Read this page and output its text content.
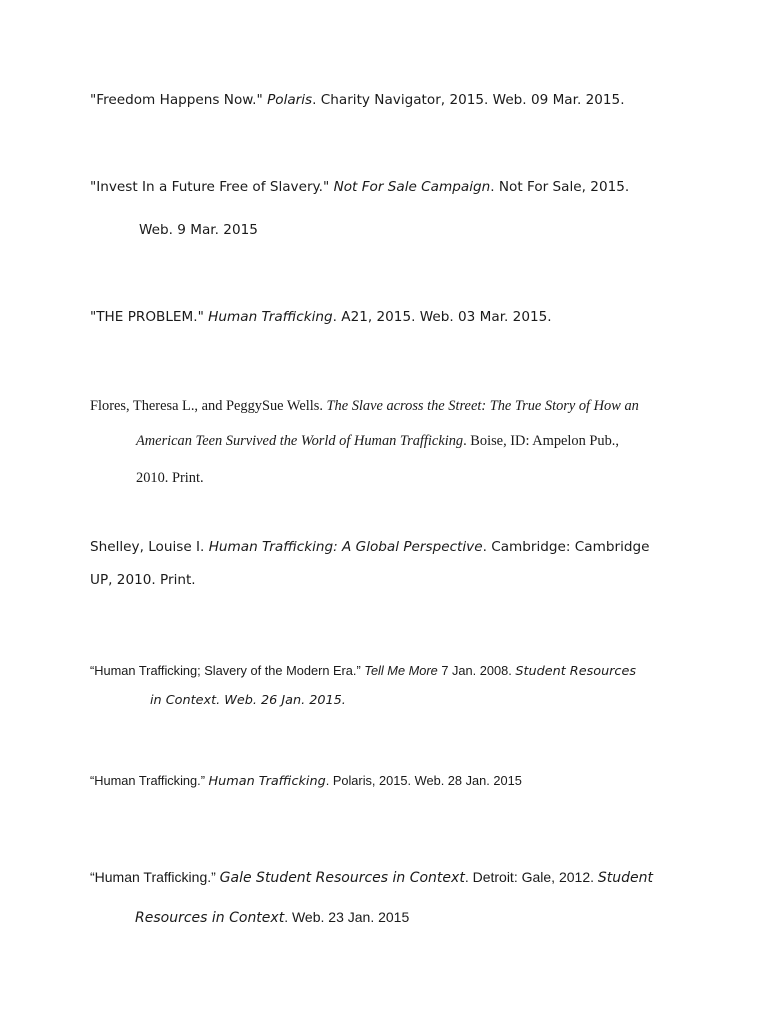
"Freedom Happens Now." Polaris. Charity Navigator, 2015. Web. 09 Mar. 2015.

"Invest In a Future Free of Slavery." Not For Sale Campaign. Not For Sale, 2015.

Web. 9 Mar. 2015

"THE PROBLEM." Human Trafficking. A21, 2015. Web. 03 Mar. 2015.

Flores, Theresa L., and PeggySue Wells. The Slave across the Street: The True Story of How an

American Teen Survived the World of Human Trafficking. Boise, ID: Ampelon Pub.,

2010. Print.

Shelley, Louise I. Human Trafficking: A Global Perspective. Cambridge: Cambridge

UP, 2010. Print.

“Human Trafficking; Slavery of the Modern Era.” Tell Me More 7 Jan. 2008. Student Resources

in Context. Web. 26 Jan. 2015.

“Human Trafficking.” Human Trafficking. Polaris, 2015. Web. 28 Jan. 2015

“Human Trafficking.” Gale Student Resources in Context. Detroit: Gale, 2012. Student

Resources in Context. Web. 23 Jan. 2015
